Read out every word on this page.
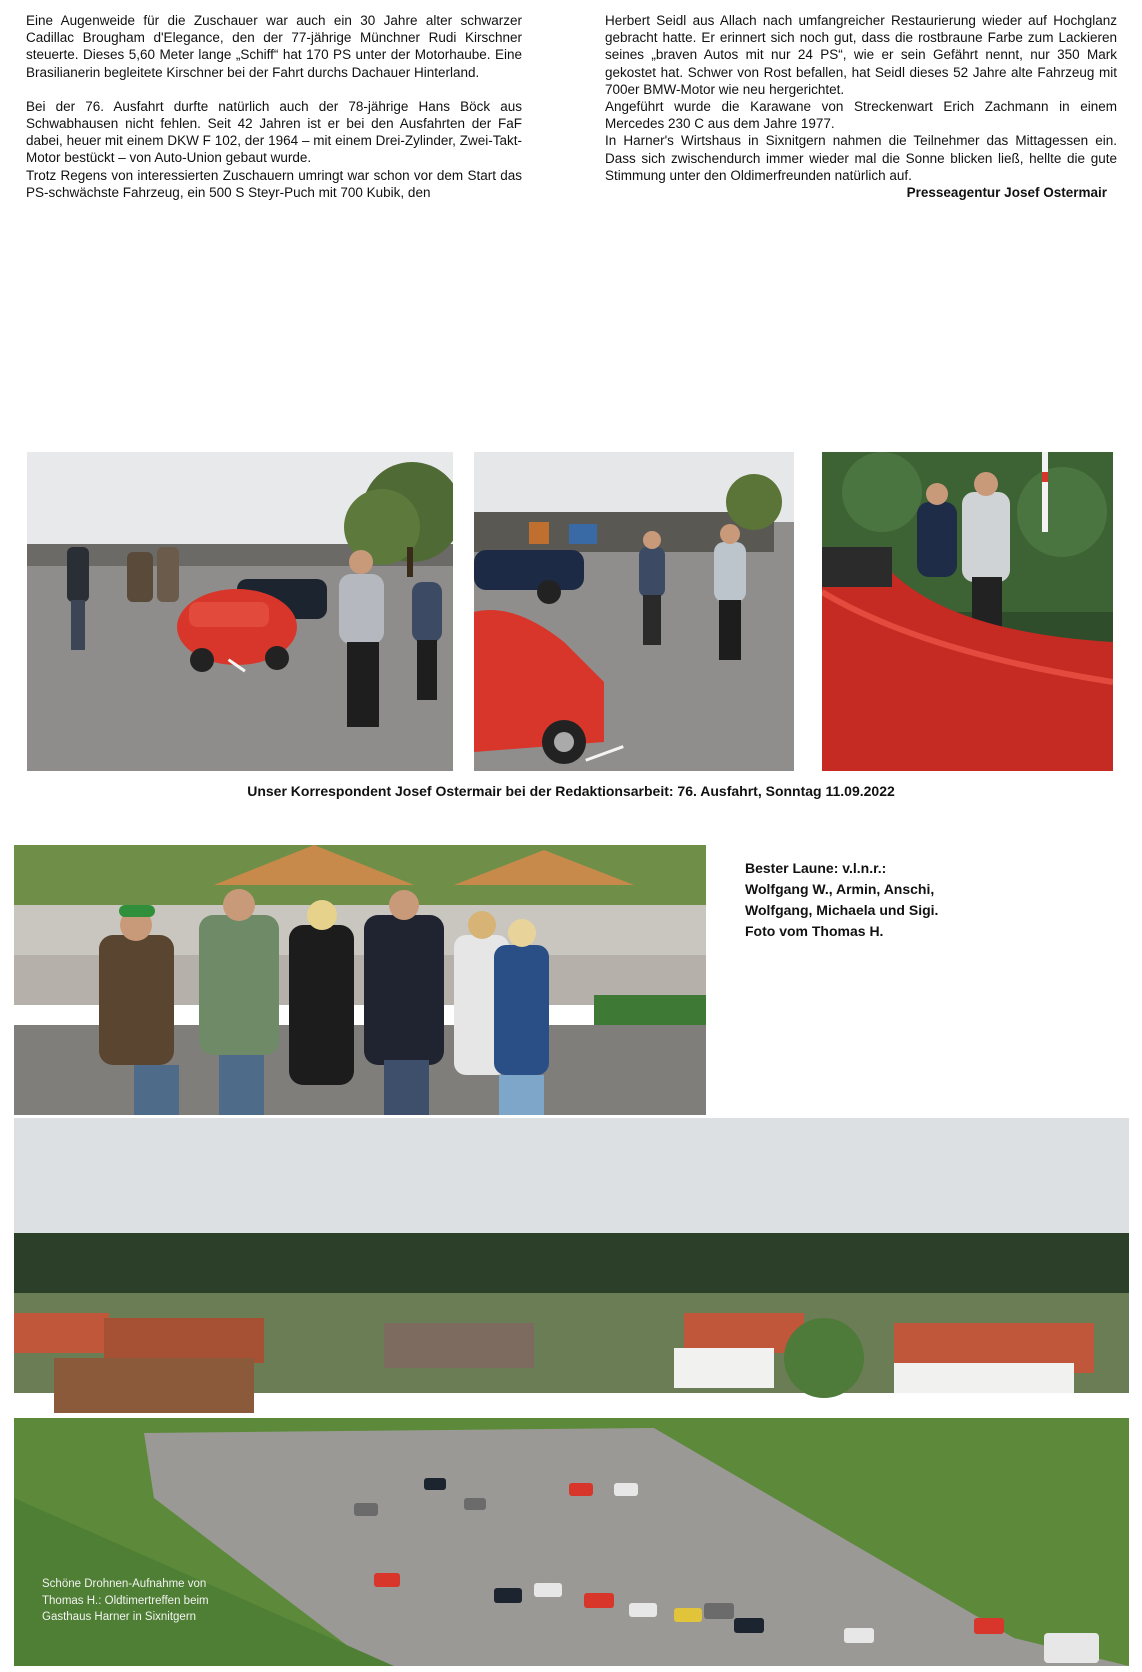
Eine Augenweide für die Zuschauer war auch ein 30 Jahre alter schwarzer Cadillac Brougham d'Elegance, den der 77-jährige Münchner Rudi Kirschner steuerte. Dieses 5,60 Meter lange „Schiff“ hat 170 PS unter der Motorhaube. Eine Brasilianerin begleitete Kirschner bei der Fahrt durchs Dachauer Hinterland.

Bei der 76. Ausfahrt durfte natürlich auch der 78-jährige Hans Böck aus Schwabhausen nicht fehlen. Seit 42 Jahren ist er bei den Ausfahrten der FaF dabei, heuer mit einem DKW F 102, der 1964 – mit einem Drei-Zylinder, Zwei-Takt-Motor bestückt – von Auto-Union gebaut wurde.

Trotz Regens von interessierten Zuschauern umringt war schon vor dem Start das PS-schwächste Fahrzeug, ein 500 S Steyr-Puch mit 700 Kubik, den

Herbert Seidl aus Allach nach umfangreicher Restaurierung wieder auf Hochglanz gebracht hatte. Er erinnert sich noch gut, dass die rostbraune Farbe zum Lackieren seines „braven Autos mit nur 24 PS“, wie er sein Gefährt nennt, nur 350 Mark gekostet hat. Schwer von Rost befallen, hat Seidl dieses 52 Jahre alte Fahrzeug mit 700er BMW-Motor wie neu hergerichtet.

Angeführt wurde die Karawane von Streckenwart Erich Zachmann in einem Mercedes 230 C aus dem Jahre 1977.

In Harner's Wirtshaus in Sixnitgern nahmen die Teilnehmer das Mittagessen ein. Dass sich zwischendurch immer wieder mal die Sonne blicken ließ, hellte die gute Stimmung unter den Oldimerfreunden natürlich auf.

Presseagentur Josef Ostermair

Unser Korrespondent Josef Ostermair bei der Redaktionsarbeit: 76. Ausfahrt, Sonntag 11.09.2022
Bester Laune: v.l.n.r.:
Wolfgang W., Armin, Anschi,
Wolfgang, Michaela und Sigi.
Foto vom Thomas H.
Schöne Drohnen-Aufnahme von
Thomas H.: Oldtimertreffen beim
Gasthaus Harner in Sixnitgern
